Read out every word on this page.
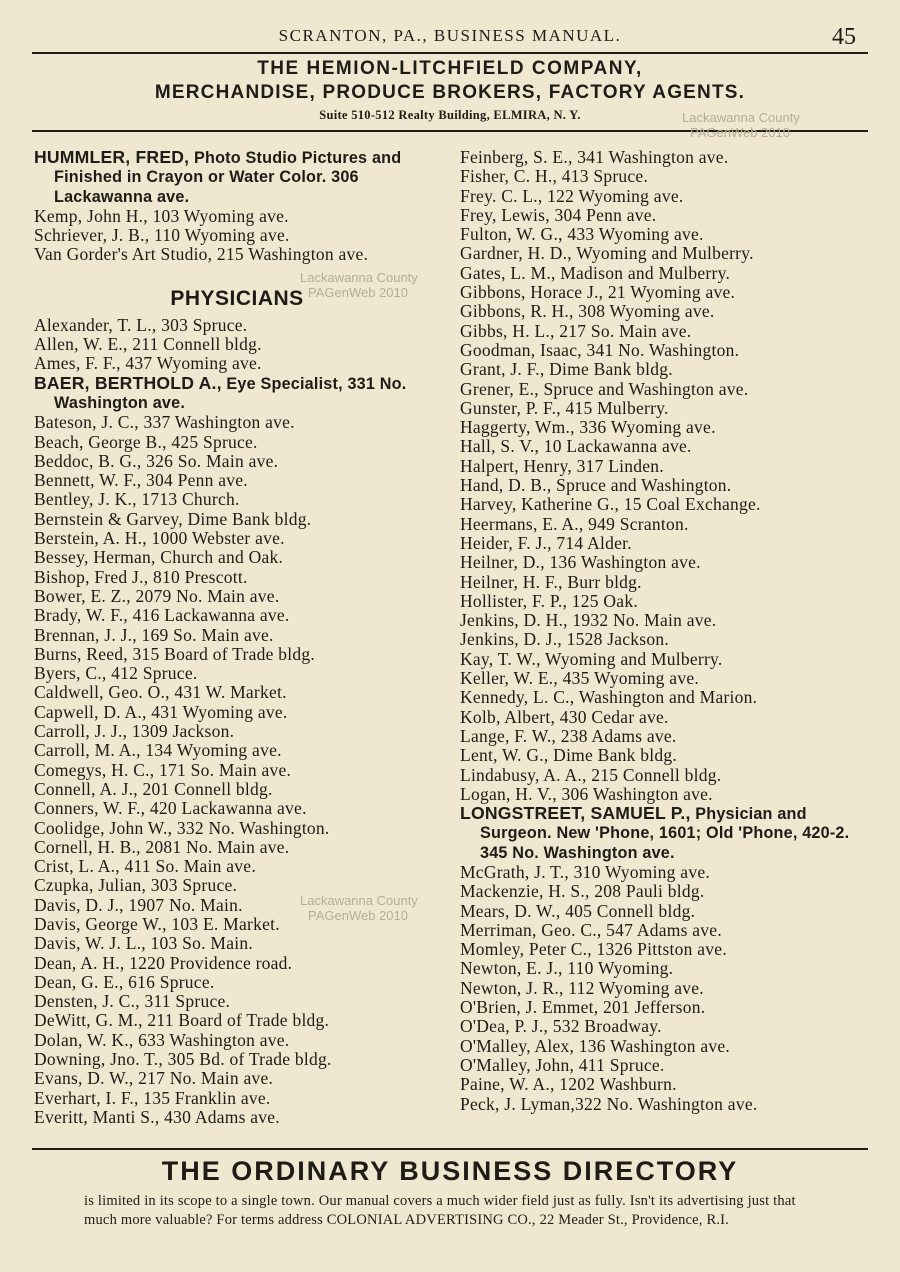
SCRANTON, PA., BUSINESS MANUAL.	45
THE HEMION-LITCHFIELD COMPANY,
MERCHANDISE, PRODUCE BROKERS, FACTORY AGENTS.
Suite 510-512 Realty Building, ELMIRA, N. Y.	Lackawanna County
PAGenWeb 2010
Lackawanna County
PAGenWeb 2010
Lackawanna County
PAGenWeb 2010
HUMMLER, FRED, Photo Studio Pictures and Finished in Crayon or Water Color. 306 Lackawanna ave.
Kemp, John H., 103 Wyoming ave.
Schriever, J. B., 110 Wyoming ave.
Van Gorder's Art Studio, 215 Washington ave.
PHYSICIANS
Alexander, T. L., 303 Spruce.
Allen, W. E., 211 Connell bldg.
Ames, F. F., 437 Wyoming ave.
BAER, BERTHOLD A., Eye Specialist, 331 No. Washington ave.
Bateson, J. C., 337 Washington ave.
Beach, George B., 425 Spruce.
Beddoc, B. G., 326 So. Main ave.
Bennett, W. F., 304 Penn ave.
Bentley, J. K., 1713 Church.
Bernstein & Garvey, Dime Bank bldg.
Berstein, A. H., 1000 Webster ave.
Bessey, Herman, Church and Oak.
Bishop, Fred J., 810 Prescott.
Bower, E. Z., 2079 No. Main ave.
Brady, W. F., 416 Lackawanna ave.
Brennan, J. J., 169 So. Main ave.
Burns, Reed, 315 Board of Trade bldg.
Byers, C., 412 Spruce.
Caldwell, Geo. O., 431 W. Market.
Capwell, D. A., 431 Wyoming ave.
Carroll, J. J., 1309 Jackson.
Carroll, M. A., 134 Wyoming ave.
Comegys, H. C., 171 So. Main ave.
Connell, A. J., 201 Connell bldg.
Conners, W. F., 420 Lackawanna ave.
Coolidge, John W., 332 No. Washington.
Cornell, H. B., 2081 No. Main ave.
Crist, L. A., 411 So. Main ave.
Czupka, Julian, 303 Spruce.
Davis, D. J., 1907 No. Main.
Davis, George W., 103 E. Market.
Davis, W. J. L., 103 So. Main.
Dean, A. H., 1220 Providence road.
Dean, G. E., 616 Spruce.
Densten, J. C., 311 Spruce.
DeWitt, G. M., 211 Board of Trade bldg.
Dolan, W. K., 633 Washington ave.
Downing, Jno. T., 305 Bd. of Trade bldg.
Evans, D. W., 217 No. Main ave.
Everhart, I. F., 135 Franklin ave.
Everitt, Manti S., 430 Adams ave.
Feinberg, S. E., 341 Washington ave.
Fisher, C. H., 413 Spruce.
Frey. C. L., 122 Wyoming ave.
Frey, Lewis, 304 Penn ave.
Fulton, W. G., 433 Wyoming ave.
Gardner, H. D., Wyoming and Mulberry.
Gates, L. M., Madison and Mulberry.
Gibbons, Horace J., 21 Wyoming ave.
Gibbons, R. H., 308 Wyoming ave.
Gibbs, H. L., 217 So. Main ave.
Goodman, Isaac, 341 No. Washington.
Grant, J. F., Dime Bank bldg.
Grener, E., Spruce and Washington ave.
Gunster, P. F., 415 Mulberry.
Haggerty, Wm., 336 Wyoming ave.
Hall, S. V., 10 Lackawanna ave.
Halpert, Henry, 317 Linden.
Hand, D. B., Spruce and Washington.
Harvey, Katherine G., 15 Coal Exchange.
Heermans, E. A., 949 Scranton.
Heider, F. J., 714 Alder.
Heilner, D., 136 Washington ave.
Heilner, H. F., Burr bldg.
Hollister, F. P., 125 Oak.
Jenkins, D. H., 1932 No. Main ave.
Jenkins, D. J., 1528 Jackson.
Kay, T. W., Wyoming and Mulberry.
Keller, W. E., 435 Wyoming ave.
Kennedy, L. C., Washington and Marion.
Kolb, Albert, 430 Cedar ave.
Lange, F. W., 238 Adams ave.
Lent, W. G., Dime Bank bldg.
Lindabusy, A. A., 215 Connell bldg.
Logan, H. V., 306 Washington ave.
LONGSTREET, SAMUEL P., Physician and Surgeon. New 'Phone, 1601; Old 'Phone, 420-2. 345 No. Washington ave.
McGrath, J. T., 310 Wyoming ave.
Mackenzie, H. S., 208 Pauli bldg.
Mears, D. W., 405 Connell bldg.
Merriman, Geo. C., 547 Adams ave.
Momley, Peter C., 1326 Pittston ave.
Newton, E. J., 110 Wyoming.
Newton, J. R., 112 Wyoming ave.
O'Brien, J. Emmet, 201 Jefferson.
O'Dea, P. J., 532 Broadway.
O'Malley, Alex, 136 Washington ave.
O'Malley, John, 411 Spruce.
Paine, W. A., 1202 Washburn.
Peck, J. Lyman,322 No. Washington ave.
THE ORDINARY BUSINESS DIRECTORY
is limited in its scope to a single town. Our manual covers a much wider field just as fully. Isn't its advertising just that much more valuable? For terms address COLONIAL ADVERTISING CO., 22 Meader St., Providence, R.I.
